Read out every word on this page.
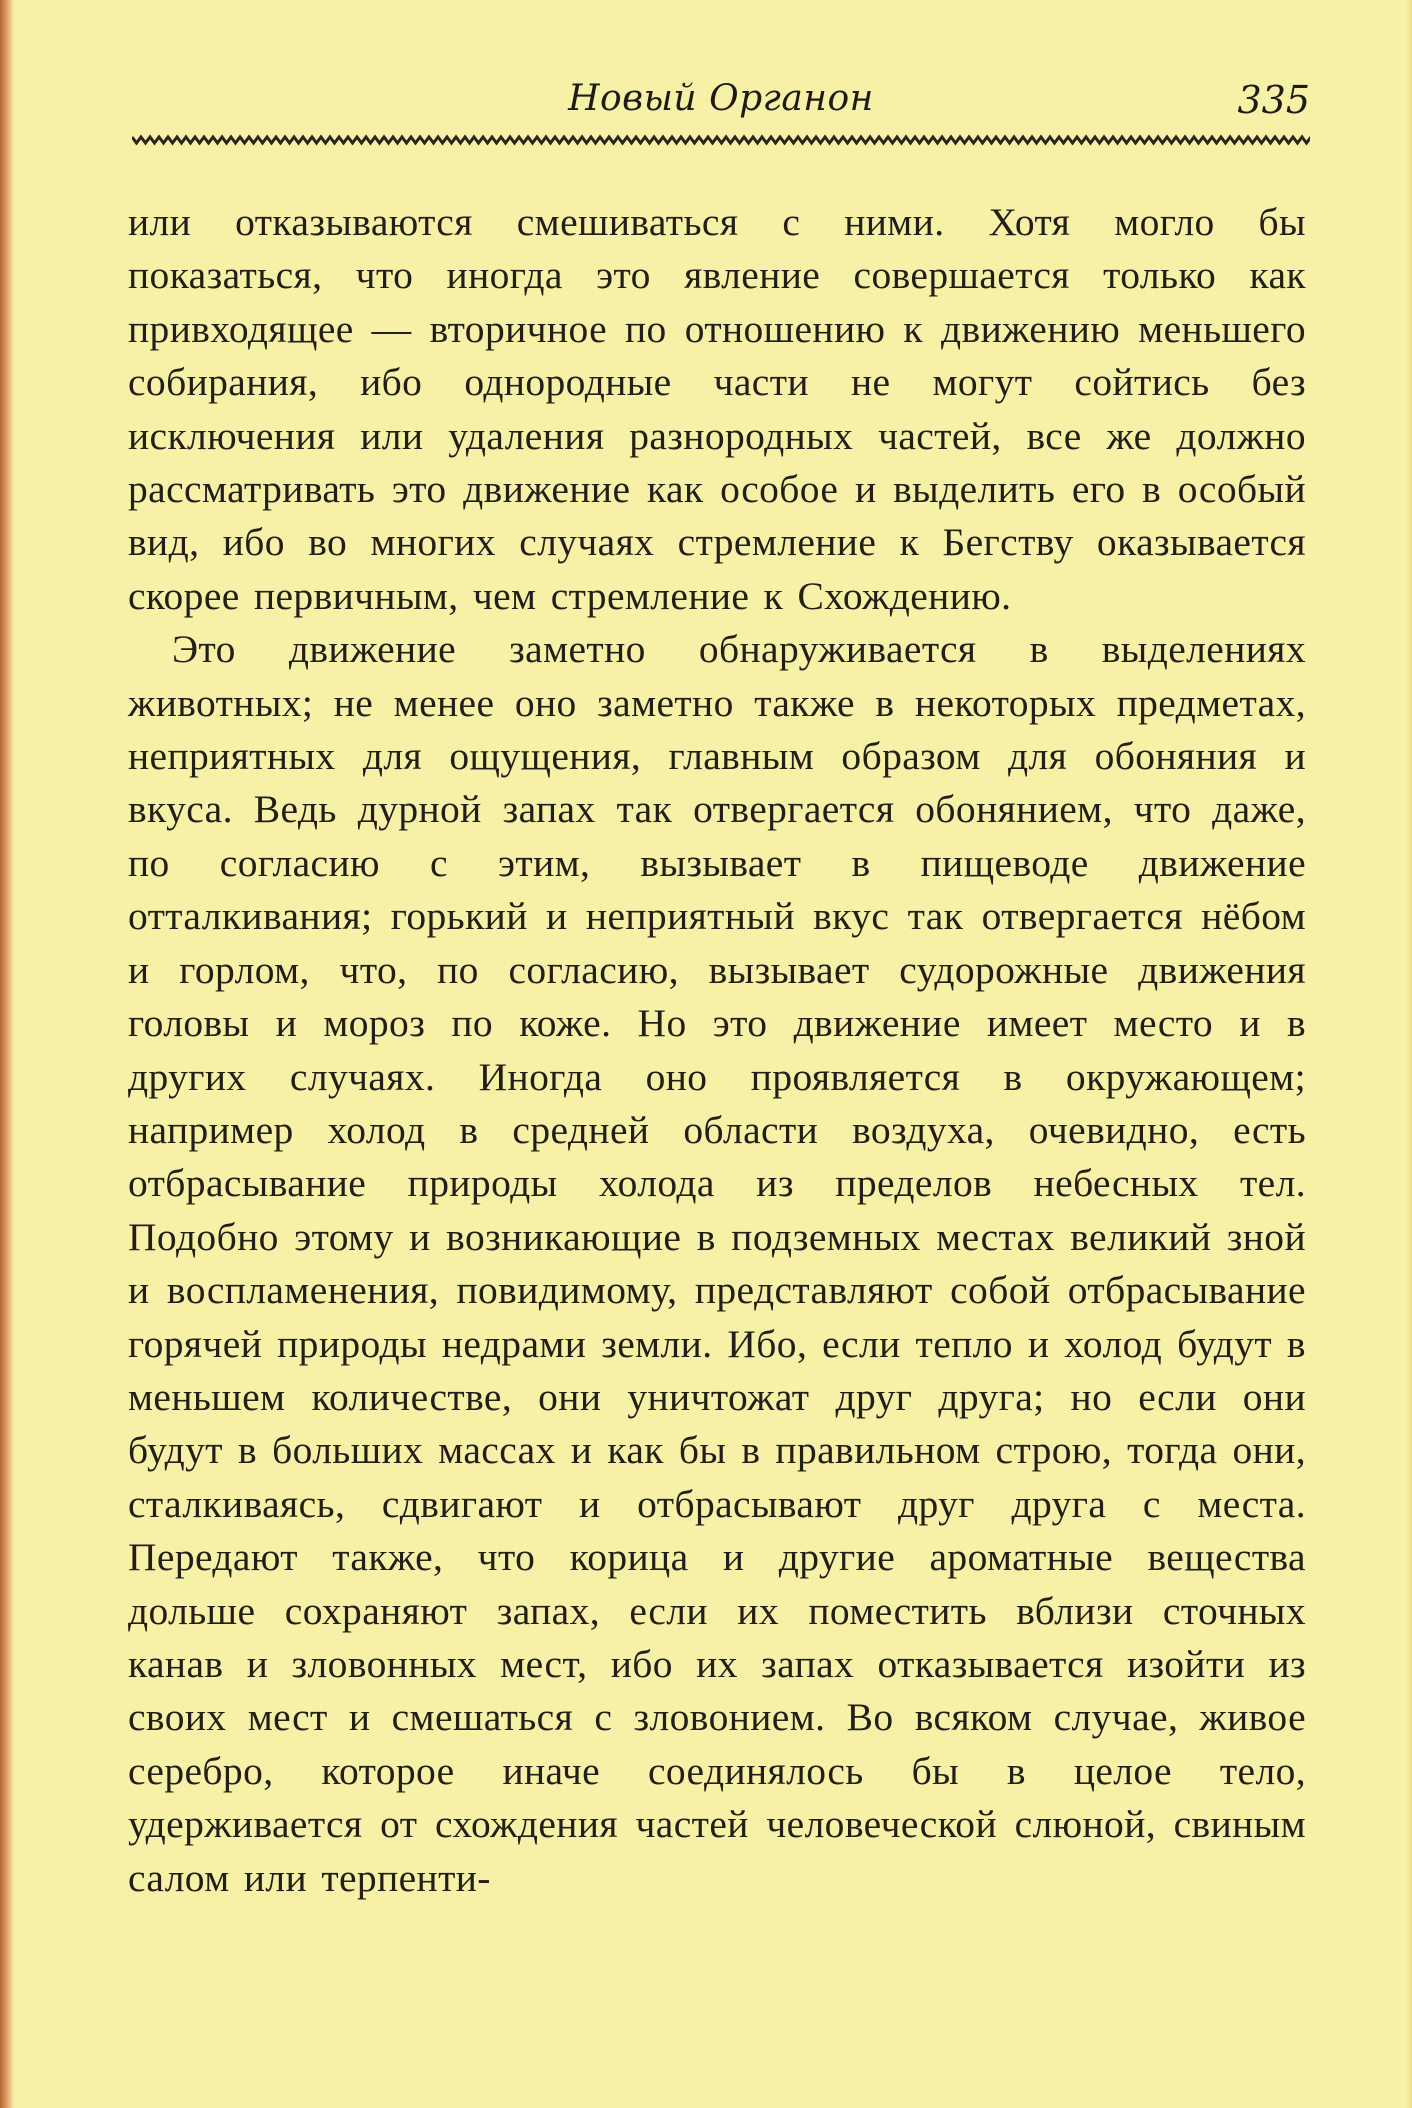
Новый Органон	335

или отказываются смешиваться с ними. Хотя могло бы показаться, что иногда это явление совершается только как привходящее — вторичное по отношению к движению меньшего собирания, ибо однородные части не могут сойтись без исключения или удаления разнородных частей, все же должно рассматривать это движение как особое и выделить его в особый вид, ибо во многих случаях стремление к Бегству оказывается скорее первичным, чем стремление к Схождению.

Это движение заметно обнаруживается в выделениях животных; не менее оно заметно также в некоторых предметах, неприятных для ощущения, главным образом для обоняния и вкуса. Ведь дурной запах так отвергается обонянием, что даже, по согласию с этим, вызывает в пищеводе движение отталкивания; горький и неприятный вкус так отвергается нёбом и горлом, что, по согласию, вызывает судорожные движения головы и мороз по коже. Но это движение имеет место и в других случаях. Иногда оно проявляется в окружающем; например холод в средней области воздуха, очевидно, есть отбрасывание природы холода из пределов небесных тел. Подобно этому и возникающие в подземных местах великий зной и воспламенения, повидимому, представляют собой отбрасывание горячей природы недрами земли. Ибо, если тепло и холод будут в меньшем количестве, они уничтожат друг друга; но если они будут в больших массах и как бы в правильном строю, тогда они, сталкиваясь, сдвигают и отбрасывают друг друга с места. Передают также, что корица и другие ароматные вещества дольше сохраняют запах, если их поместить вблизи сточных канав и зловонных мест, ибо их запах отказывается изойти из своих мест и смешаться с зловонием. Во всяком случае, живое серебро, которое иначе соединялось бы в целое тело, удерживается от схождения частей человеческой слюной, свиным салом или терпенти-
